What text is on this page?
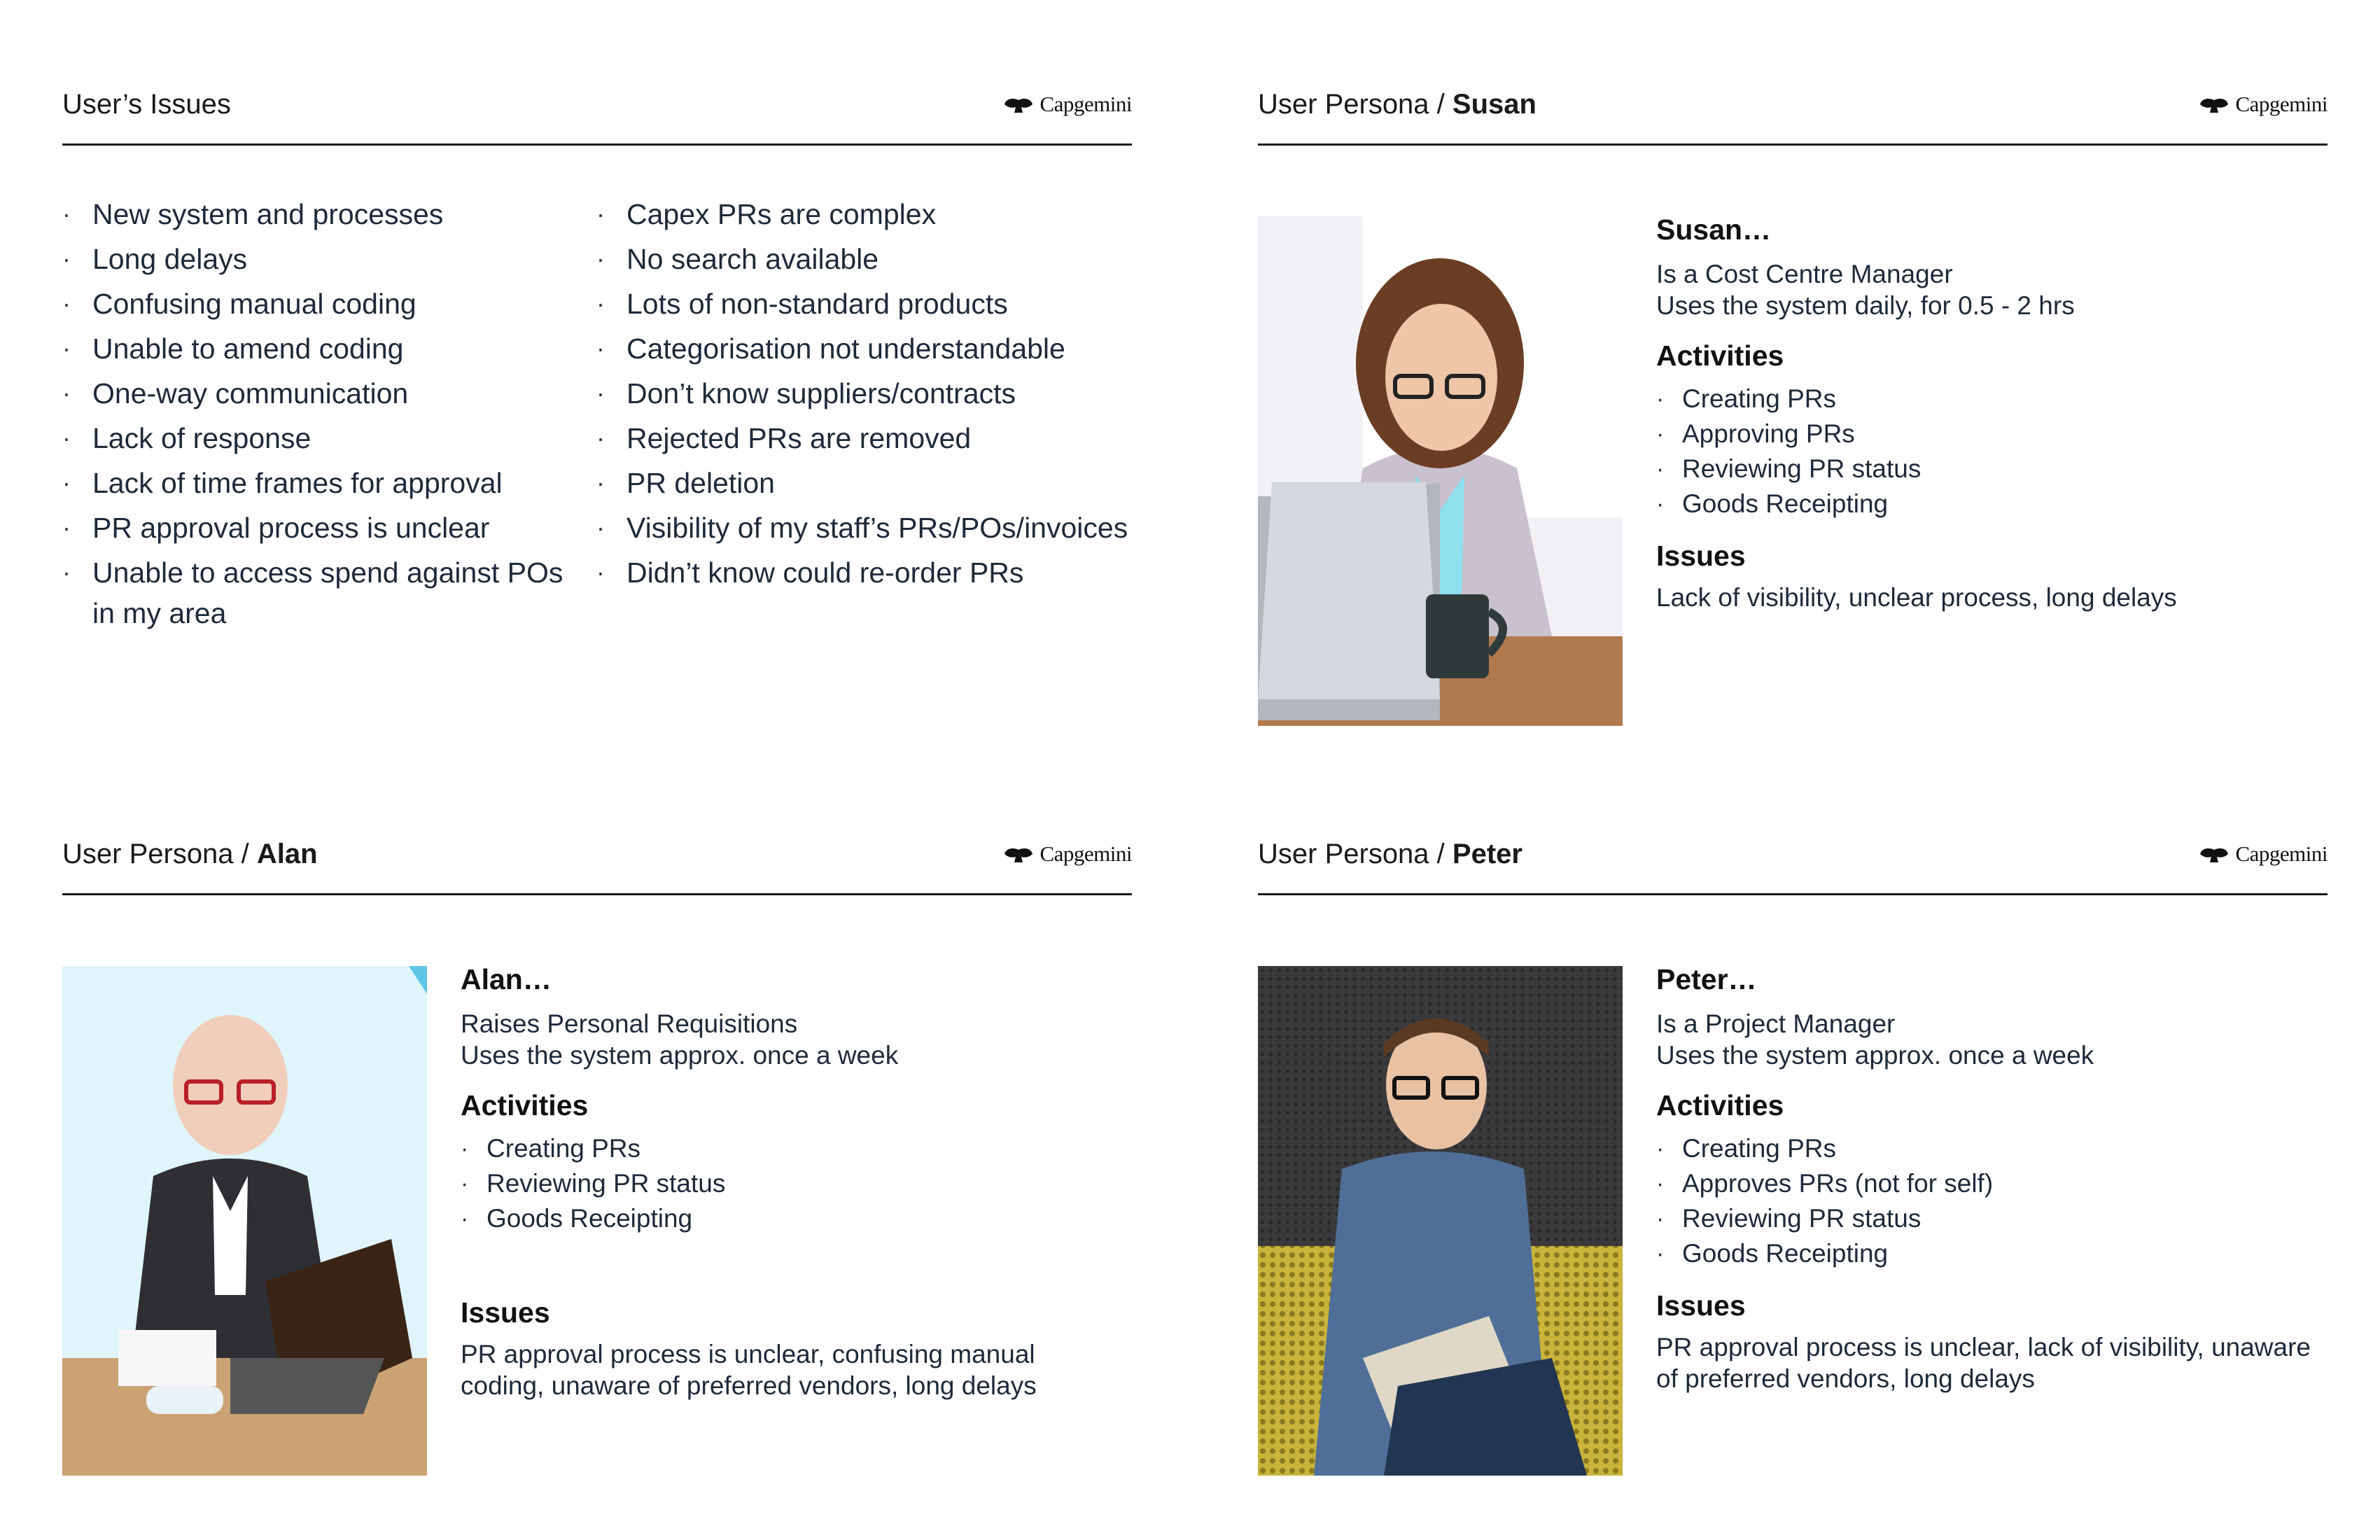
User’s Issues	Capgemini
· New system and processes
· Long delays
· Confusing manual coding
· Unable to amend coding
· One-way communication
· Lack of response
· Lack of time frames for approval
· PR approval process is unclear
· Unable to access spend against POs in my area
· Capex PRs are complex
· No search available
· Lots of non-standard products
· Categorisation not understandable
· Don’t know suppliers/contracts
· Rejected PRs are removed
· PR deletion
· Visibility of my staff’s PRs/POs/invoices
· Didn’t know could re-order PRs
User Persona / Susan	Capgemini
Susan…
Is a Cost Centre Manager
Uses the system daily, for 0.5 - 2 hrs
Activities
· Creating PRs
· Approving PRs
· Reviewing PR status
· Goods Receipting
Issues
Lack of visibility, unclear process, long delays
User Persona / Alan	Capgemini
Alan…
Raises Personal Requisitions
Uses the system approx. once a week
Activities
· Creating PRs
· Reviewing PR status
· Goods Receipting
Issues
PR approval process is unclear, confusing manual coding, unaware of preferred vendors, long delays
User Persona / Peter	Capgemini
Peter…
Is a Project Manager
Uses the system approx. once a week
Activities
· Creating PRs
· Approves PRs (not for self)
· Reviewing PR status
· Goods Receipting
Issues
PR approval process is unclear, lack of visibility, unaware of preferred vendors, long delays
